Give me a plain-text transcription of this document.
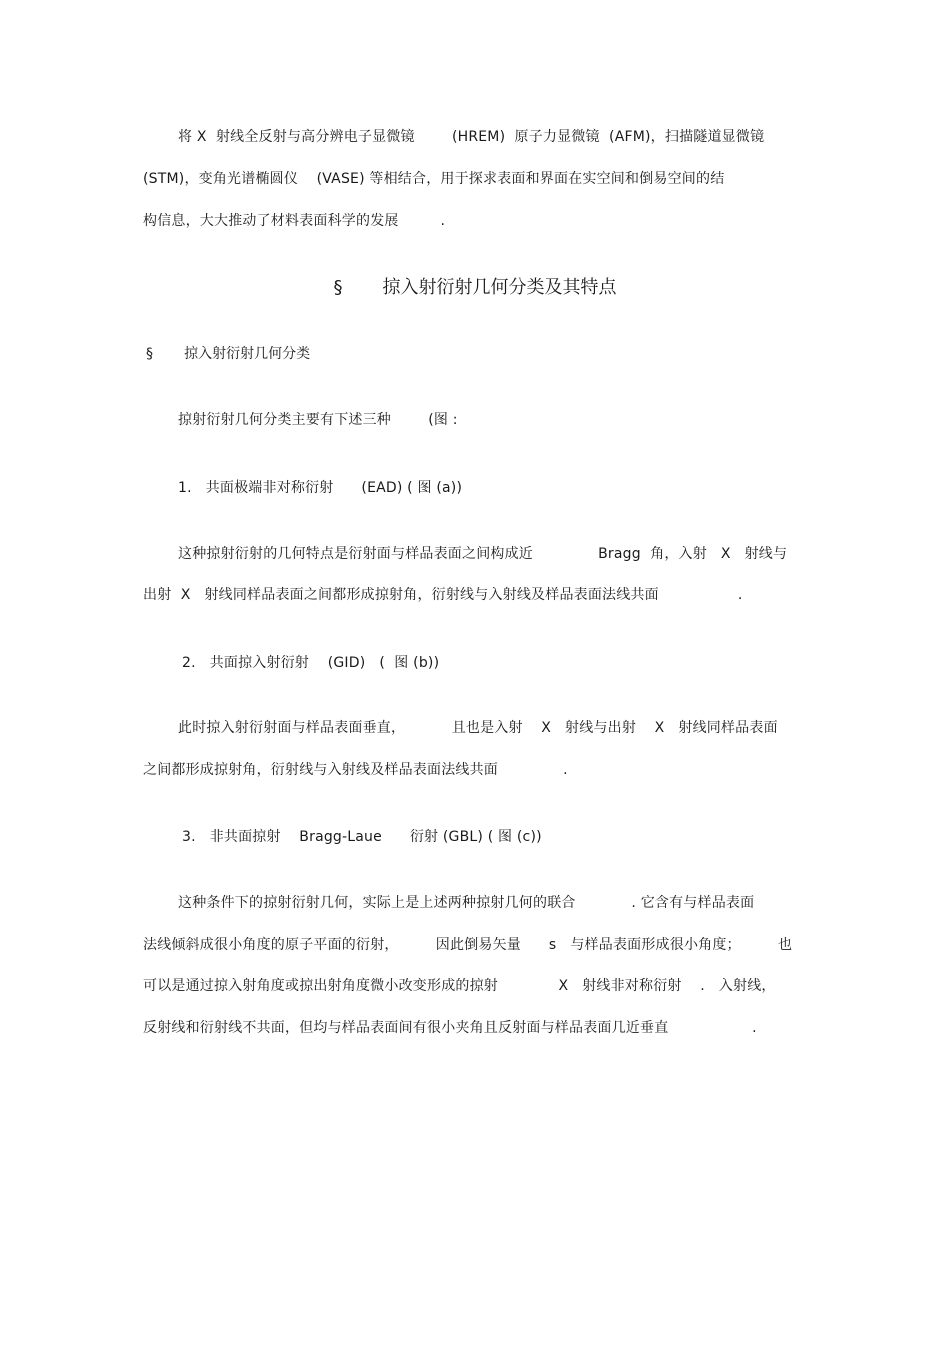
将 X  射线全反射与高分辨电子显微镜        (HREM)  原子力显微镜  (AFM)，扫描隧道显微镜
(STM)，变角光谱椭圆仪    (VASE) 等相结合，用于探求表面和界面在实空间和倒易空间的结
构信息，大大推动了材料表面科学的发展         .
§       掠入射衍射几何分类及其特点
§       掠入射衍射几何分类
掠射衍射几何分类主要有下述三种        (图 :
1.   共面极端非对称衍射      (EAD) ( 图 (a))
这种掠射衍射的几何特点是衍射面与样品表面之间构成近              Bragg  角，入射   X   射线与
出射  X   射线同样品表面之间都形成掠射角，衍射线与入射线及样品表面法线共面                 .
2.   共面掠入射衍射    (GID)   (  图 (b))
此时掠入射衍射面与样品表面垂直，          且也是入射    X   射线与出射    X   射线同样品表面
之间都形成掠射角，衍射线与入射线及样品表面法线共面              .
3.   非共面掠射    Bragg-Laue      衍射 (GBL) ( 图 (c))
这种条件下的掠射衍射几何，实际上是上述两种掠射几何的联合            . 它含有与样品表面
法线倾斜成很小角度的原子平面的衍射，        因此倒易矢量      s   与样品表面形成很小角度；        也
可以是通过掠入射角度或掠出射角度微小改变形成的掠射             X   射线非对称衍射    .   入射线，
反射线和衍射线不共面，但均与样品表面间有很小夹角且反射面与样品表面几近垂直                  .
